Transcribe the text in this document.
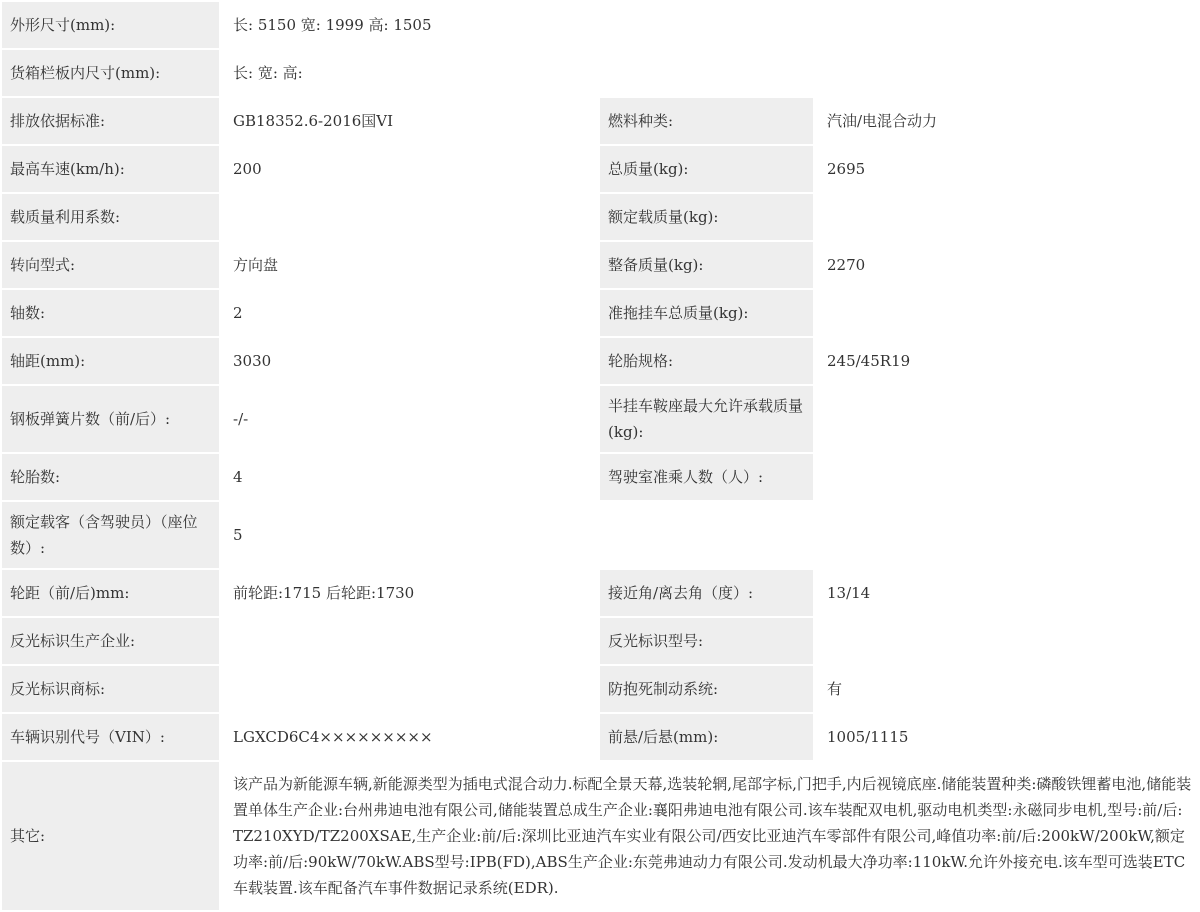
外形尺寸(mm):	长: 5150 宽: 1999 高: 1505		
货箱栏板内尺寸(mm):	长: 宽: 高:		
排放依据标准:	GB18352.6-2016国VI	燃料种类:	汽油/电混合动力
最高车速(km/h):	200	总质量(kg):	2695
载质量利用系数:		额定载质量(kg):	
转向型式:	方向盘	整备质量(kg):	2270
轴数:	2	准拖挂车总质量(kg):	
轴距(mm):	3030	轮胎规格:	245/45R19
钢板弹簧片数（前/后）:	-/-	半挂车鞍座最大允许承载质量(kg):	
轮胎数:	4	驾驶室准乘人数（人）:	
额定载客（含驾驶员）（座位数）:	5		
轮距（前/后)mm:	前轮距:1715 后轮距:1730	接近角/离去角（度）:	13/14
反光标识生产企业:		反光标识型号:	
反光标识商标:		防抱死制动系统:	有
车辆识别代号（VIN）:	LGXCD6C4×××××××××	前悬/后悬(mm):	1005/1115
其它:	该产品为新能源车辆,新能源类型为插电式混合动力.标配全景天幕,选装轮辋,尾部字标,门把手,内后视镜底座.储能装置种类:磷酸铁锂蓄电池,储能装置单体生产企业:台州弗迪电池有限公司,储能装置总成生产企业:襄阳弗迪电池有限公司.该车装配双电机,驱动电机类型:永磁同步电机,型号:前/后:TZ210XYD/TZ200XSAE,生产企业:前/后:深圳比亚迪汽车实业有限公司/西安比亚迪汽车零部件有限公司,峰值功率:前/后:200kW/200kW,额定功率:前/后:90kW/70kW.ABS型号:IPB(FD),ABS生产企业:东莞弗迪动力有限公司.发动机最大净功率:110kW.允许外接充电.该车型可选装ETC车载装置.该车配备汽车事件数据记录系统(EDR).		
